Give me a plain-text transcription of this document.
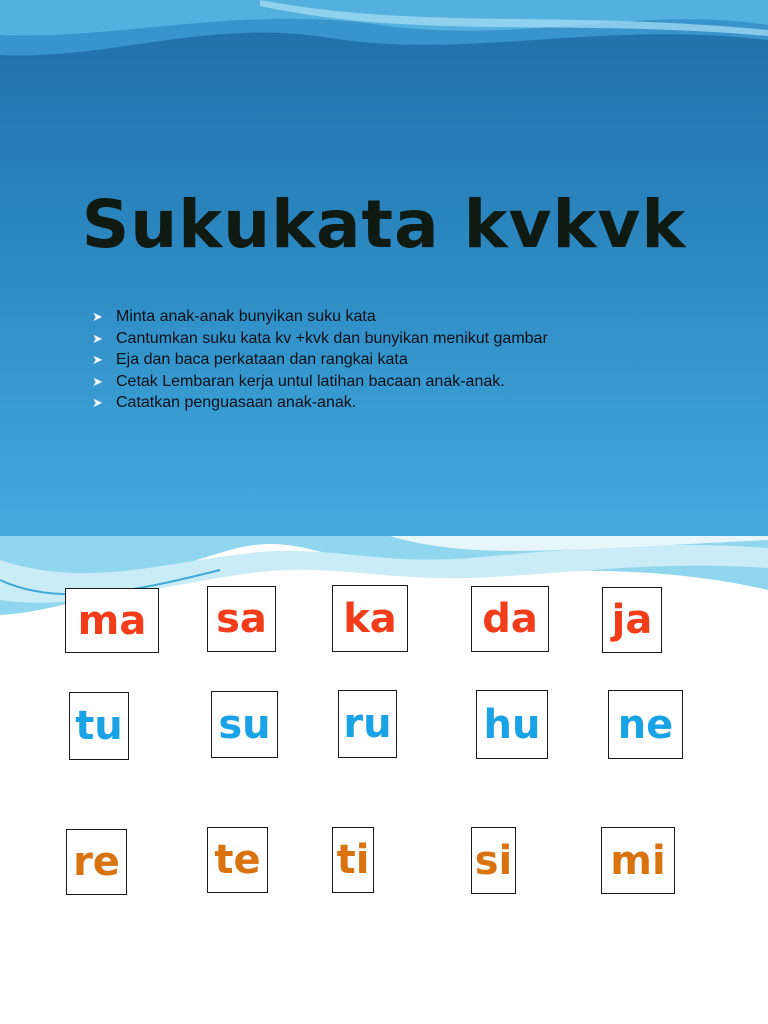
Sukukata kvkvk
➤ Minta anak-anak bunyikan suku kata
➤ Cantumkan suku kata kv +kvk dan bunyikan menikut gambar
➤ Eja dan baca perkataan dan rangkai kata
➤ Cetak Lembaran kerja untul latihan bacaan anak-anak.
➤ Catatkan penguasaan anak-anak.
ma sa ka da ja
tu su ru hu ne
re te ti	si mi
